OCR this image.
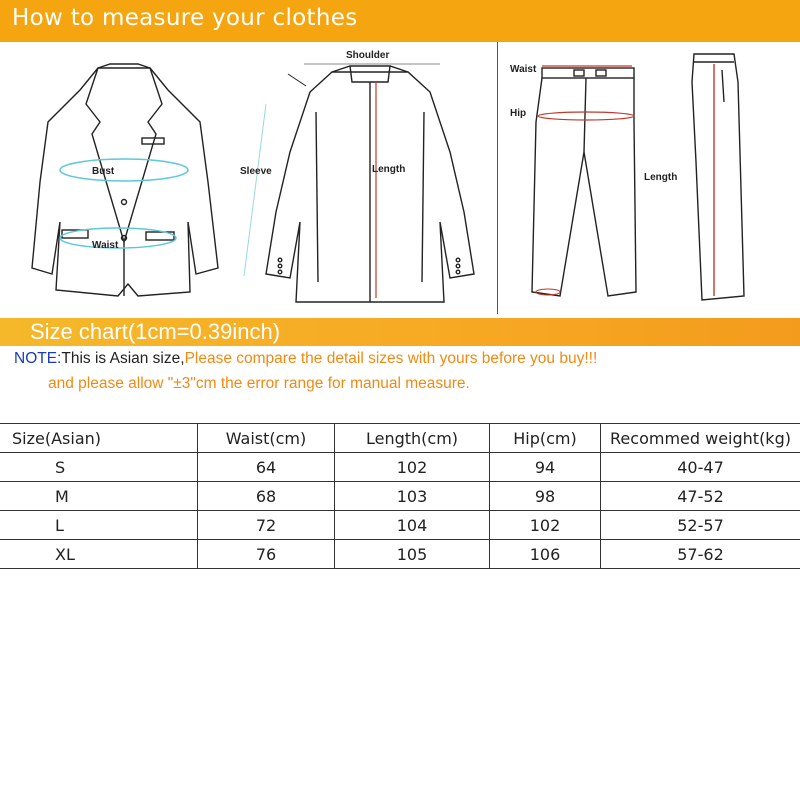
How to measure your clothes
Bust
Waist
Shoulder
Sleeve	Length
Waist
Hip
Length
Size chart(1cm=0.39inch)
NOTE:This is Asian size,Please compare the detail sizes with yours before you buy!!!
and please allow "±3"cm the error range for manual measure.
Size(Asian)	Waist(cm)	Length(cm)	Hip(cm)	Recommed weight(kg)
S	64	102	94	40-47
M	68	103	98	47-52
L	72	104	102	52-57
XL	76	105	106	57-62
